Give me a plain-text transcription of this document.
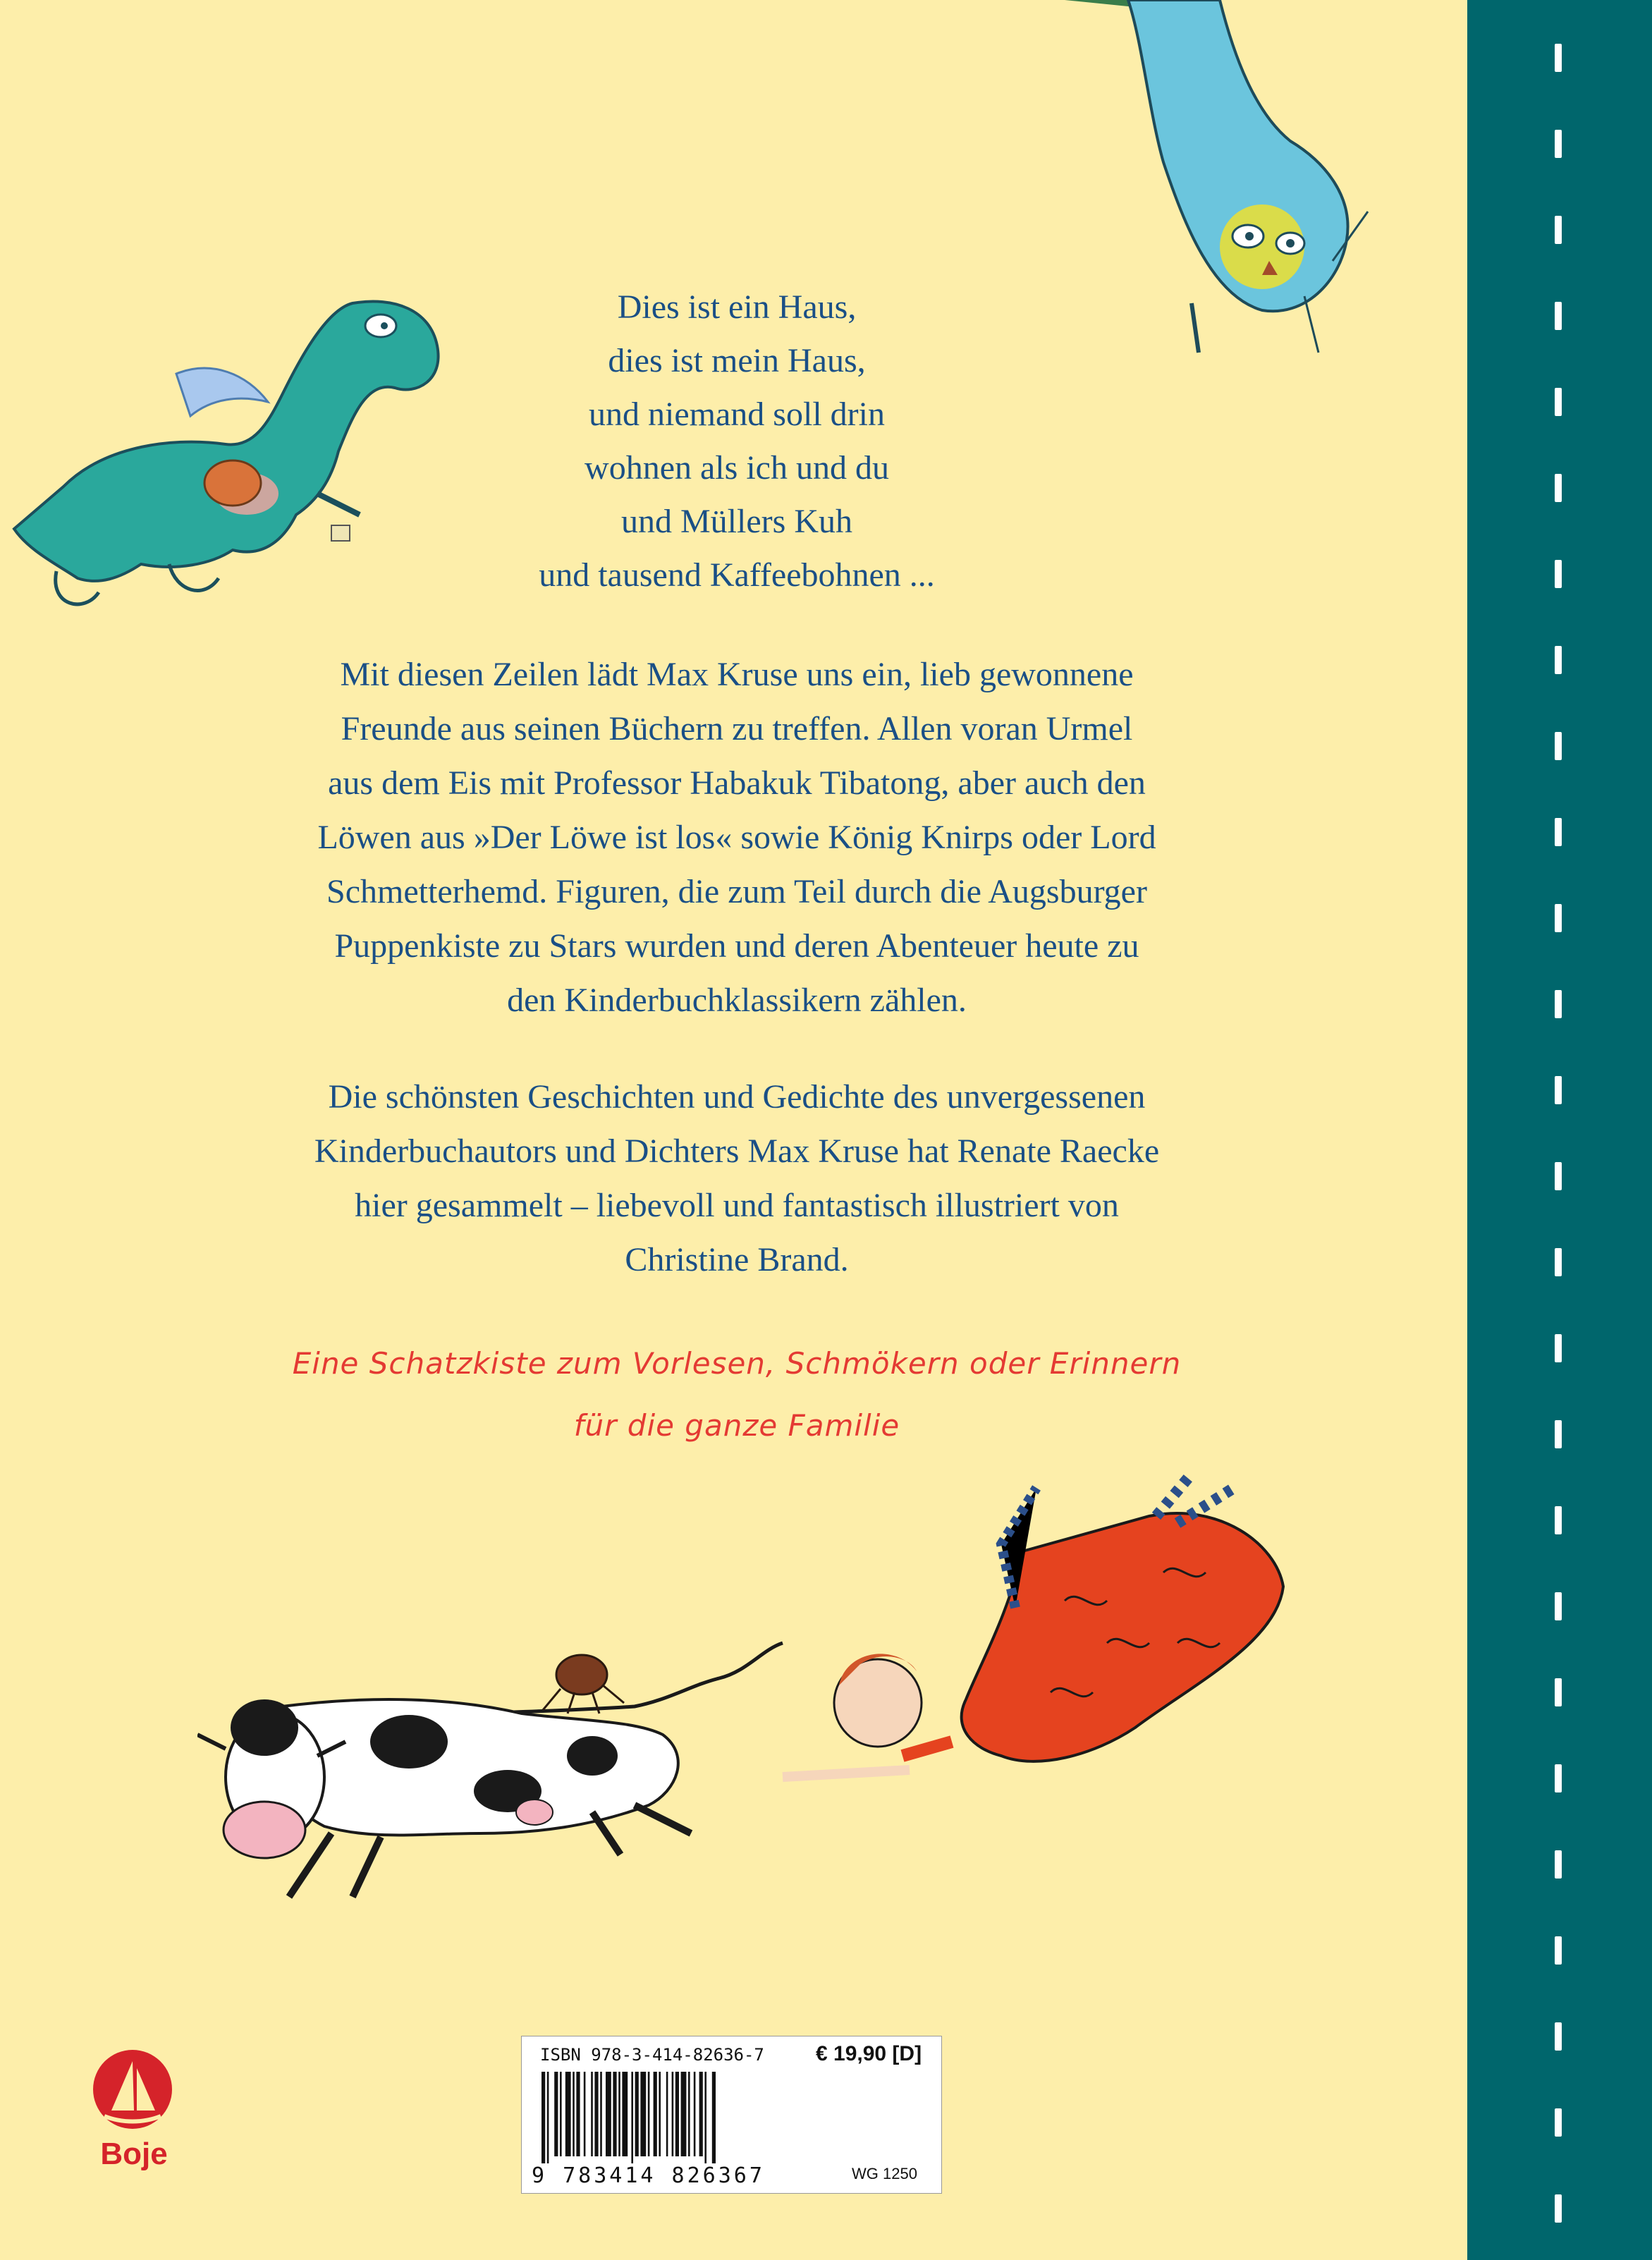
Dies ist ein Haus,
dies ist mein Haus,
und niemand soll drin
wohnen als ich und du
und Müllers Kuh
und tausend Kaffeebohnen ...
Mit diesen Zeilen lädt Max Kruse uns ein, lieb gewonnene
Freunde aus seinen Büchern zu treffen. Allen voran Urmel
aus dem Eis mit Professor Habakuk Tibatong, aber auch den
Löwen aus »Der Löwe ist los« sowie König Knirps oder Lord
Schmetterhemd. Figuren, die zum Teil durch die Augsburger
Puppenkiste zu Stars wurden und deren Abenteuer heute zu
den Kinderbuchklassikern zählen.
Die schönsten Geschichten und Gedichte des unvergessenen
Kinderbuchautors und Dichters Max Kruse hat Renate Raecke
hier gesammelt – liebevoll und fantastisch illustriert von
Christine Brand.
Eine Schatzkiste zum Vorlesen, Schmökern oder Erinnern
für die ganze Familie
Boje
ISBN 978-3-414-82636-7 € 19,90 [D]
9 783414 826367	WG 1250
